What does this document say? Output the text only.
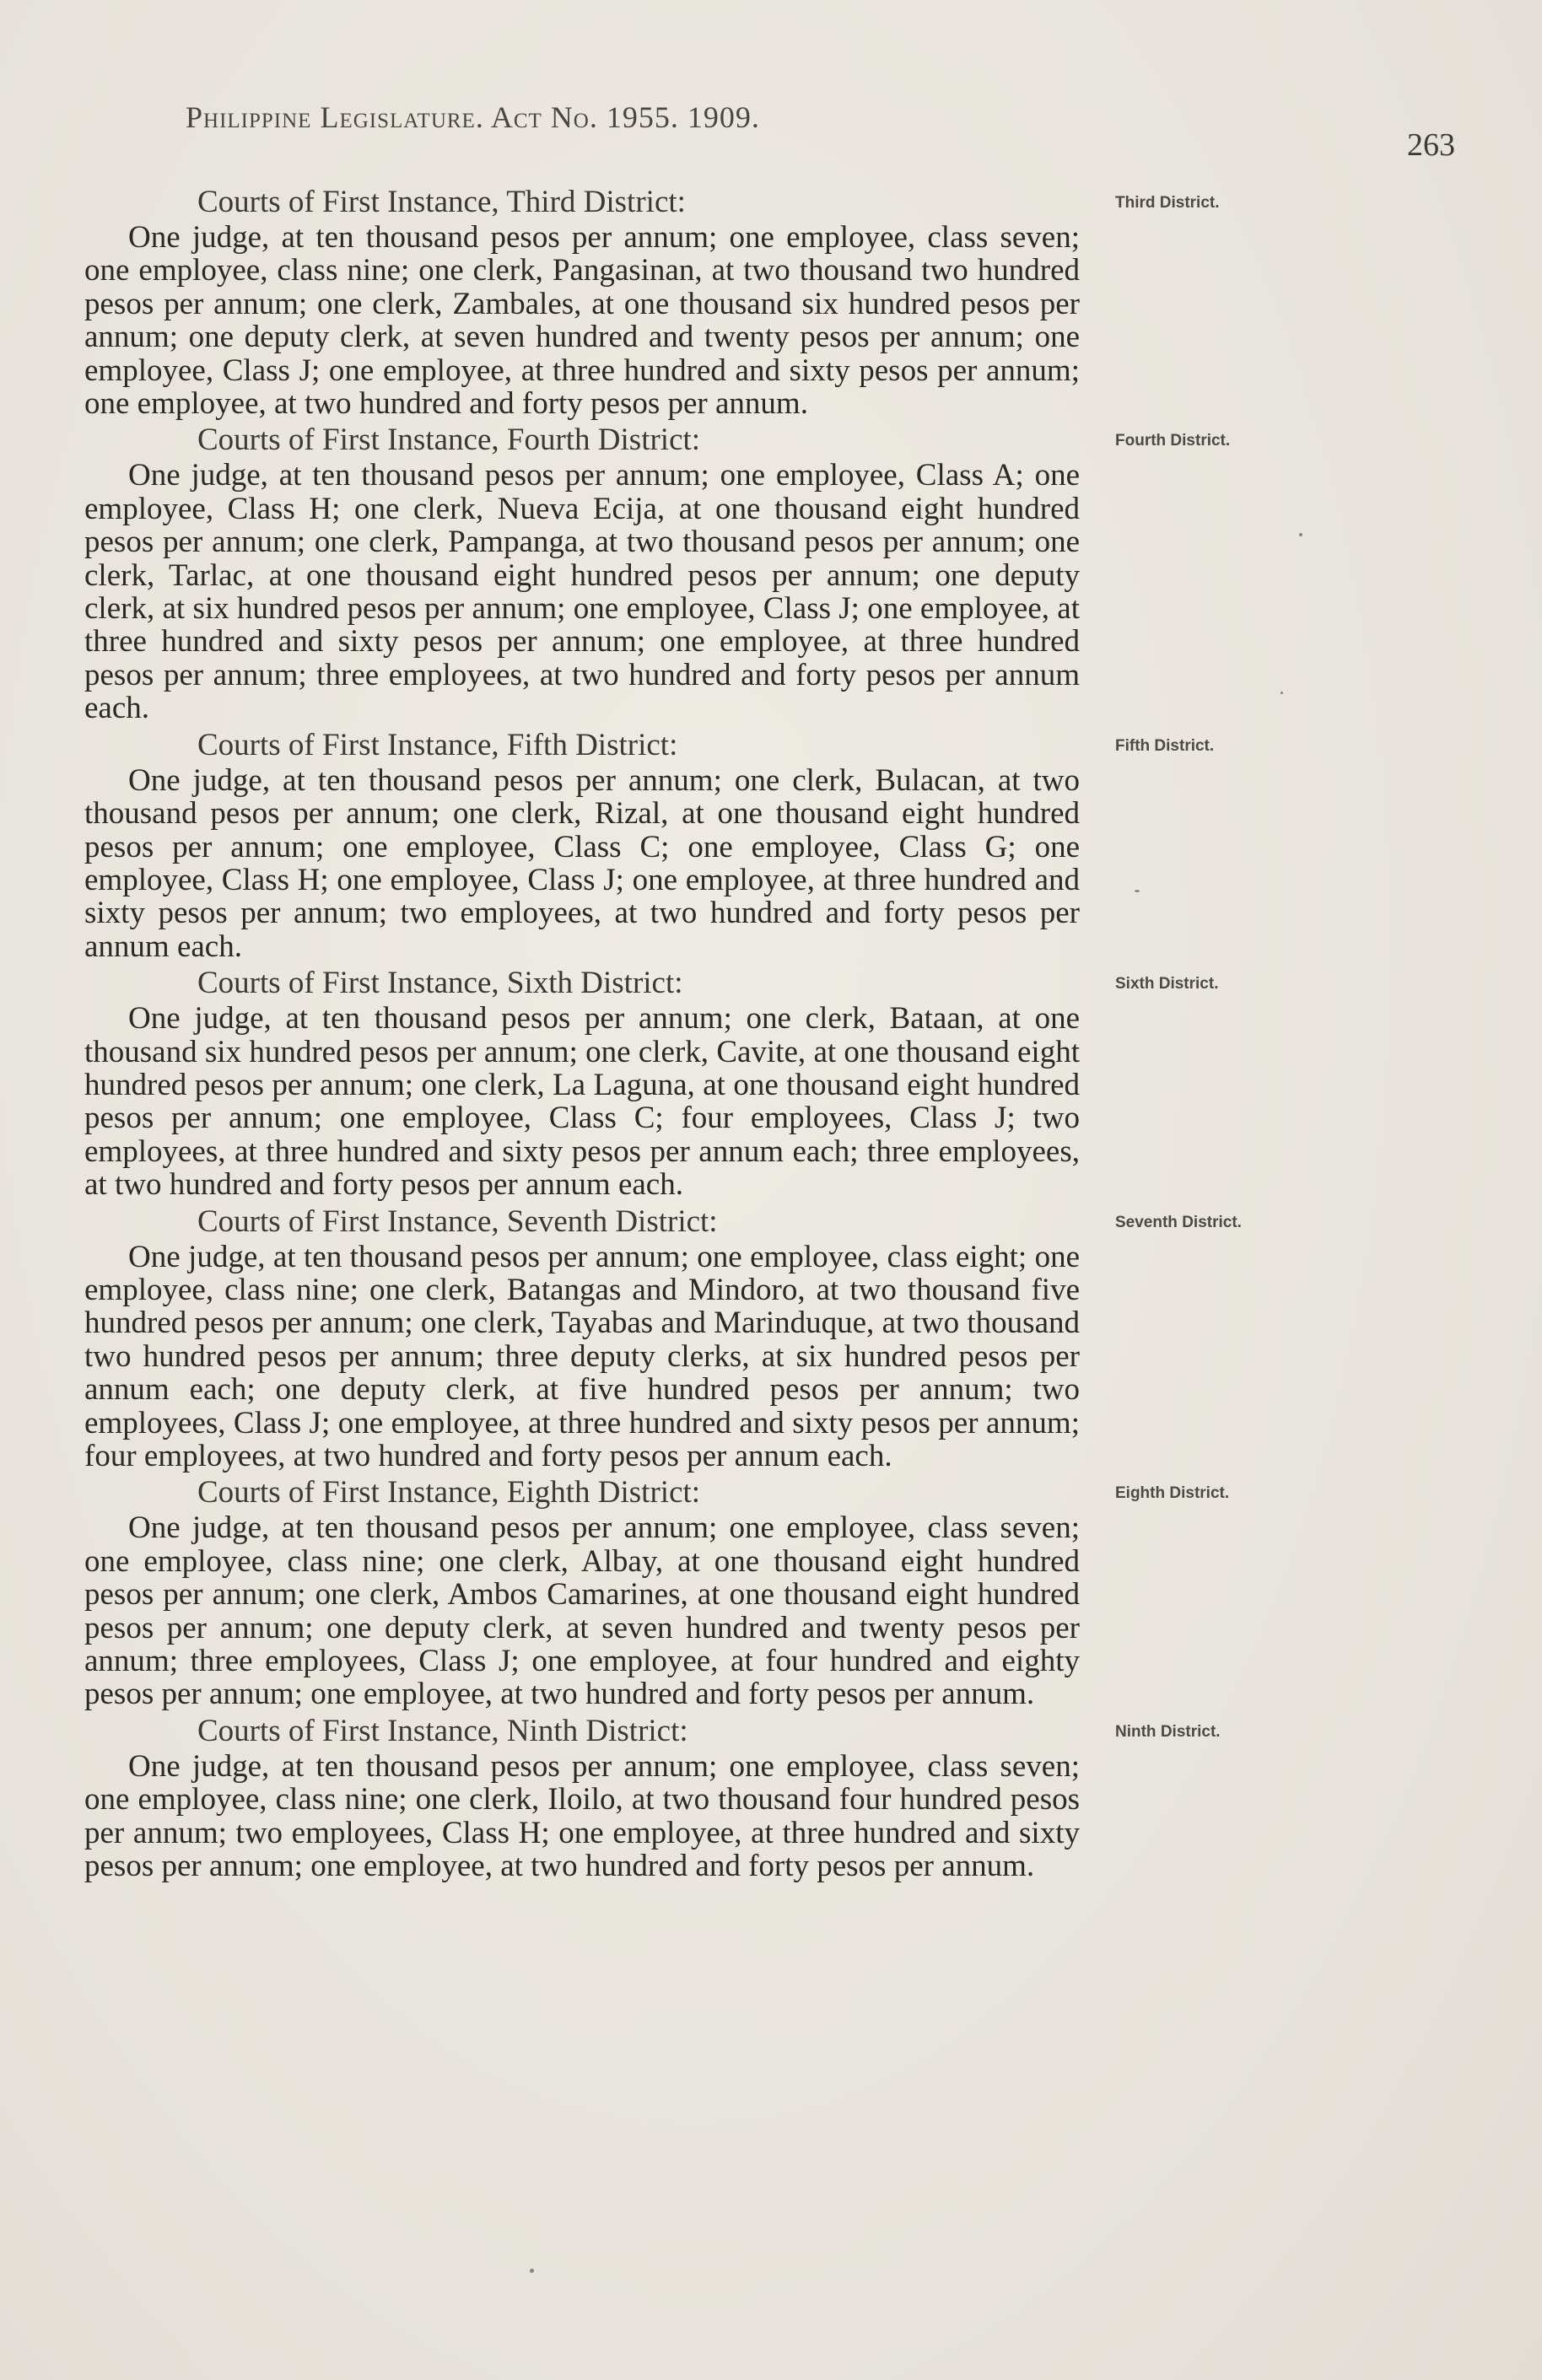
Philippine Legislature. Act No. 1955. 1909.
263
Courts of First Instance, Third District:
One judge, at ten thousand pesos per annum; one employee, class seven; one employee, class nine; one clerk, Pangasinan, at two thousand two hundred pesos per annum; one clerk, Zambales, at one thousand six hundred pesos per annum; one deputy clerk, at seven hundred and twenty pesos per annum; one employee, Class J; one employee, at three hundred and sixty pesos per annum; one employee, at two hundred and forty pesos per annum.
Third District.
Courts of First Instance, Fourth District:
One judge, at ten thousand pesos per annum; one employee, Class A; one employee, Class H; one clerk, Nueva Ecija, at one thousand eight hundred pesos per annum; one clerk, Pampanga, at two thousand pesos per annum; one clerk, Tarlac, at one thousand eight hundred pesos per annum; one deputy clerk, at six hundred pesos per annum; one employee, Class J; one employee, at three hundred and sixty pesos per annum; one employee, at three hundred pesos per annum; three employees, at two hundred and forty pesos per annum each.
Fourth District.
Courts of First Instance, Fifth District:
One judge, at ten thousand pesos per annum; one clerk, Bulacan, at two thousand pesos per annum; one clerk, Rizal, at one thousand eight hundred pesos per annum; one employee, Class C; one employee, Class G; one employee, Class H; one employee, Class J; one employee, at three hundred and sixty pesos per annum; two employees, at two hundred and forty pesos per annum each.
Fifth District.
Courts of First Instance, Sixth District:
One judge, at ten thousand pesos per annum; one clerk, Bataan, at one thousand six hundred pesos per annum; one clerk, Cavite, at one thousand eight hundred pesos per annum; one clerk, La Laguna, at one thousand eight hundred pesos per annum; one employee, Class C; four employees, Class J; two employees, at three hundred and sixty pesos per annum each; three employees, at two hundred and forty pesos per annum each.
Sixth District.
Courts of First Instance, Seventh District:
One judge, at ten thousand pesos per annum; one employee, class eight; one employee, class nine; one clerk, Batangas and Mindoro, at two thousand five hundred pesos per annum; one clerk, Tayabas and Marinduque, at two thousand two hundred pesos per annum; three deputy clerks, at six hundred pesos per annum each; one deputy clerk, at five hundred pesos per annum; two employees, Class J; one employee, at three hundred and sixty pesos per annum; four employees, at two hundred and forty pesos per annum each.
Seventh District.
Courts of First Instance, Eighth District:
One judge, at ten thousand pesos per annum; one employee, class seven; one employee, class nine; one clerk, Albay, at one thousand eight hundred pesos per annum; one clerk, Ambos Camarines, at one thousand eight hundred pesos per annum; one deputy clerk, at seven hundred and twenty pesos per annum; three employees, Class J; one employee, at four hundred and eighty pesos per annum; one employee, at two hundred and forty pesos per annum.
Eighth District.
Courts of First Instance, Ninth District:
One judge, at ten thousand pesos per annum; one employee, class seven; one employee, class nine; one clerk, Iloilo, at two thousand four hundred pesos per annum; two employees, Class H; one employee, at three hundred and sixty pesos per annum; one employee, at two hundred and forty pesos per annum.
Ninth District.
